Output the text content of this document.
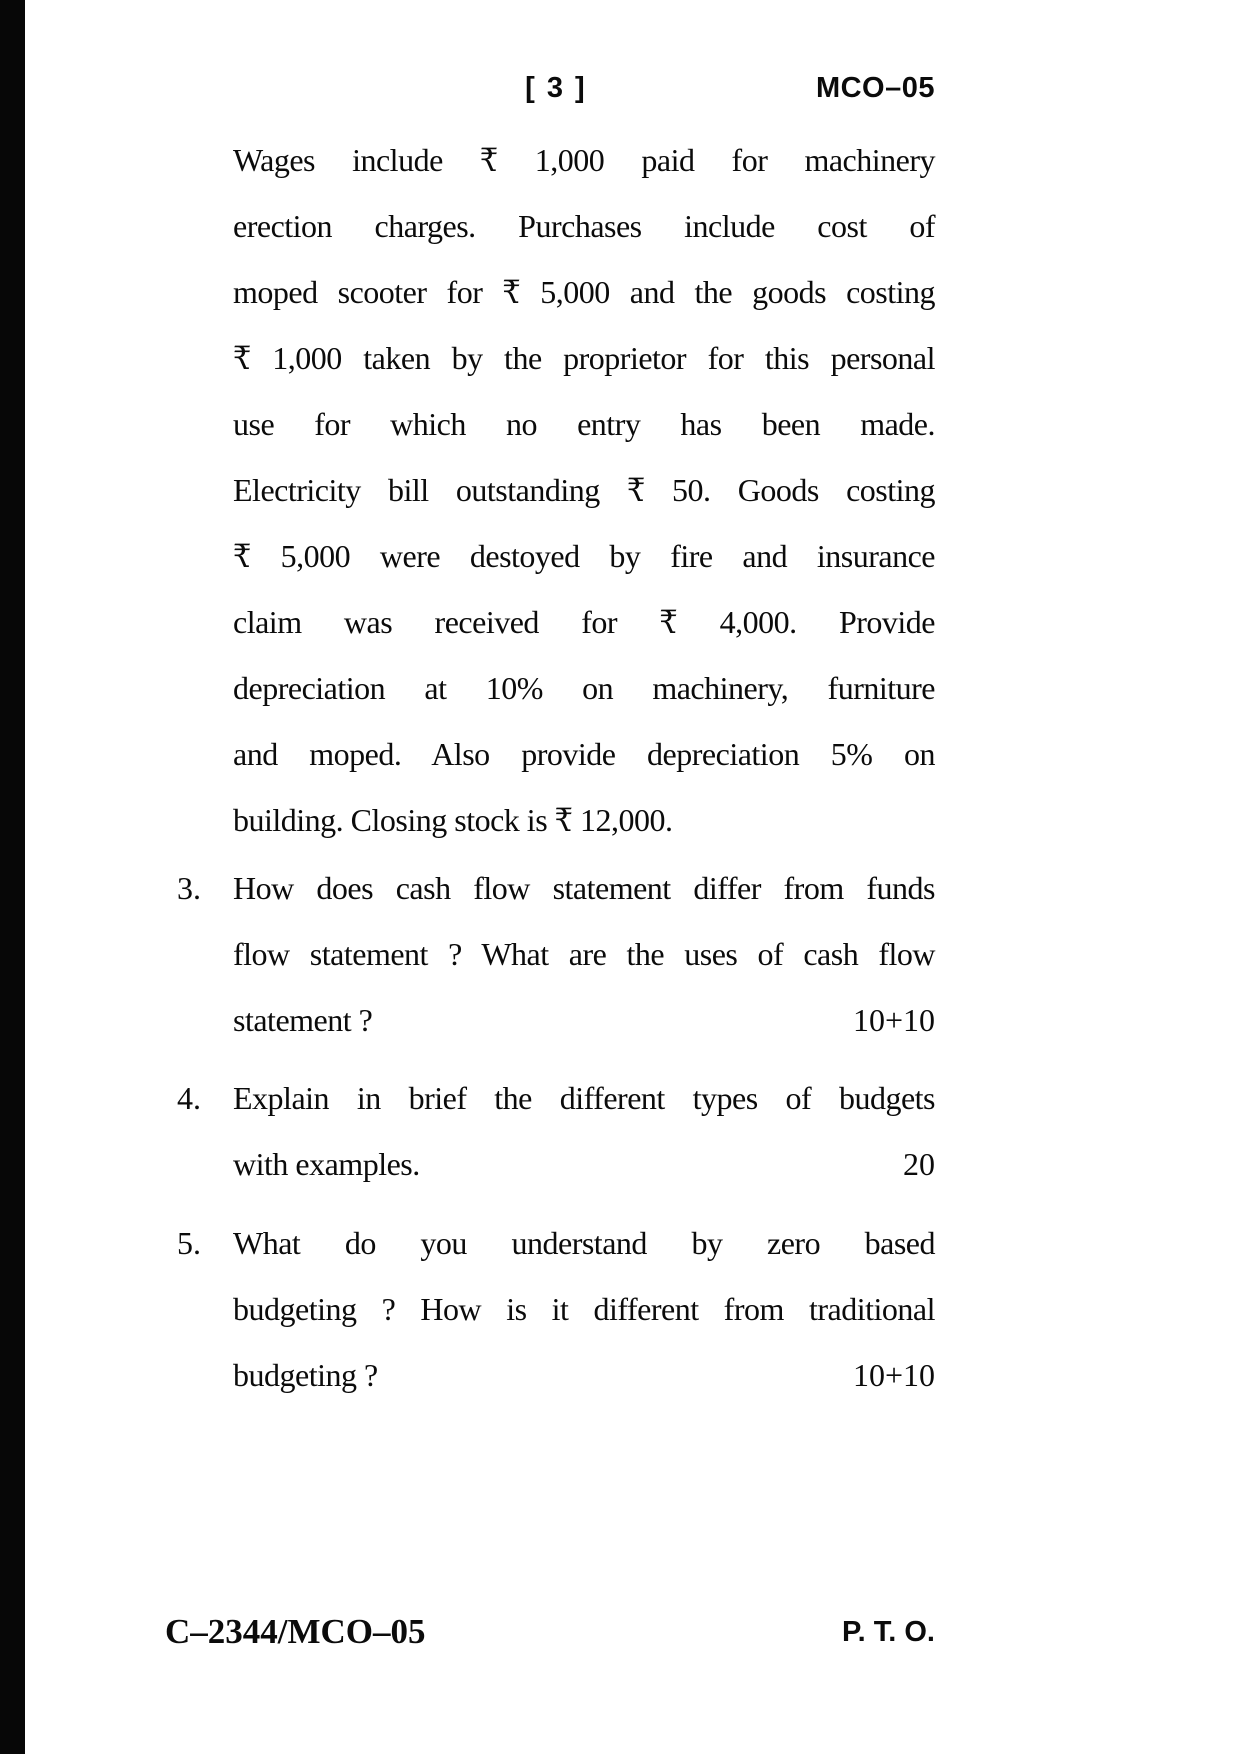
[ 3 ]	MCO–05
Wages include ₹ 1,000 paid for machinery
erection charges. Purchases include cost of
moped scooter for ₹ 5,000 and the goods costing
₹ 1,000 taken by the proprietor for this personal
use for which no entry has been made.
Electricity bill outstanding ₹ 50. Goods costing
₹ 5,000 were destoyed by fire and insurance
claim was received for ₹ 4,000. Provide
depreciation at 10% on machinery, furniture
and moped. Also provide depreciation 5% on
building. Closing stock is ₹ 12,000.
3. How does cash flow statement differ from funds
flow statement ? What are the uses of cash flow
statement ?	10+10
4. Explain in brief the different types of budgets
with examples.	20
5. What do you understand by zero based
budgeting ? How is it different from traditional
budgeting ?	10+10
C–2344/MCO–05	P. T. O.
